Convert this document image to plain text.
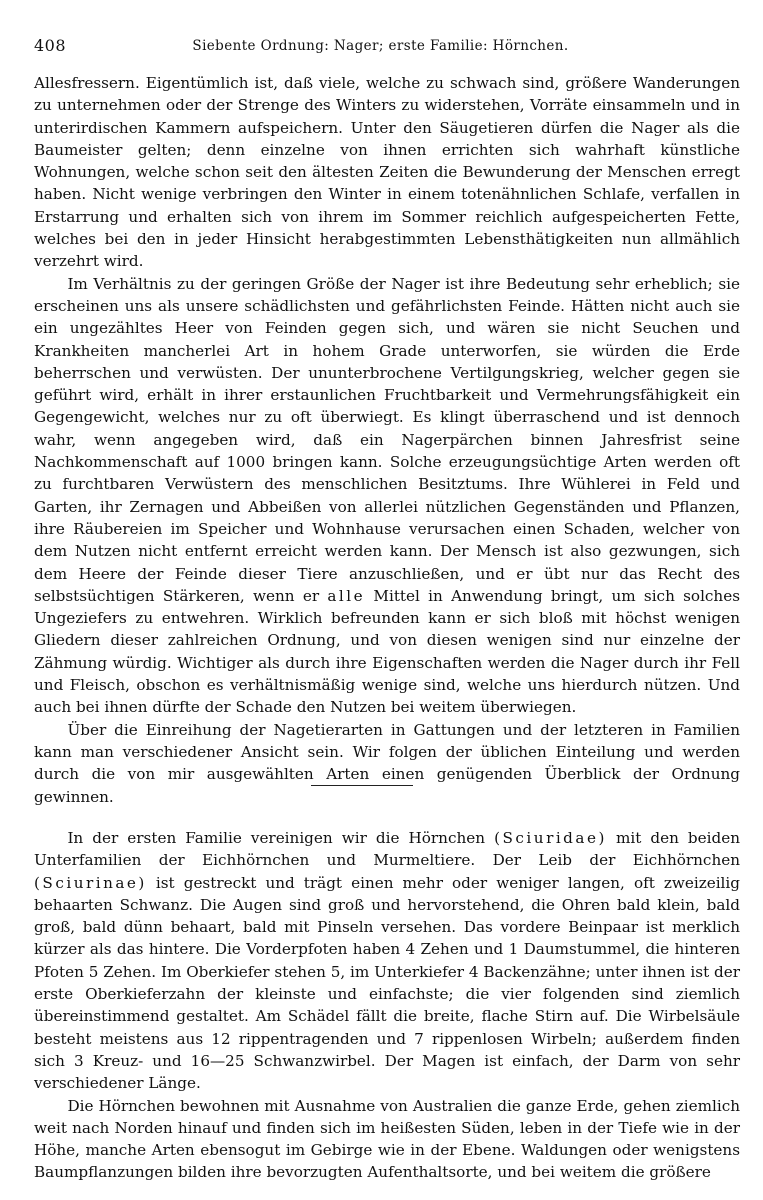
408	Siebente Ordnung: Nager; erste Familie: Hörnchen.

Allesfressern. Eigentümlich ist, daß viele, welche zu schwach sind, größere Wanderungen zu unternehmen oder der Strenge des Winters zu widerstehen, Vorräte einsammeln und in unterirdischen Kammern aufspeichern. Unter den Säugetieren dürfen die Nager als die Baumeister gelten; denn einzelne von ihnen errichten sich wahrhaft künstliche Wohnungen, welche schon seit den ältesten Zeiten die Bewunderung der Menschen erregt haben. Nicht wenige verbringen den Winter in einem totenähnlichen Schlafe, verfallen in Erstarrung und erhalten sich von ihrem im Sommer reichlich aufgespeicherten Fette, welches bei den in jeder Hinsicht herabgestimmten Lebensthätigkeiten nun allmählich verzehrt wird.

Im Verhältnis zu der geringen Größe der Nager ist ihre Bedeutung sehr erheblich; sie erscheinen uns als unsere schädlichsten und gefährlichsten Feinde. Hätten nicht auch sie ein ungezähltes Heer von Feinden gegen sich, und wären sie nicht Seuchen und Krankheiten mancherlei Art in hohem Grade unterworfen, sie würden die Erde beherrschen und verwüsten. Der ununterbrochene Vertilgungskrieg, welcher gegen sie geführt wird, erhält in ihrer erstaunlichen Fruchtbarkeit und Vermehrungsfähigkeit ein Gegengewicht, welches nur zu oft überwiegt. Es klingt überraschend und ist dennoch wahr, wenn angegeben wird, daß ein Nagerpärchen binnen Jahresfrist seine Nachkommenschaft auf 1000 bringen kann. Solche erzeugungsüchtige Arten werden oft zu furchtbaren Verwüstern des menschlichen Besitztums. Ihre Wühlerei in Feld und Garten, ihr Zernagen und Abbeißen von allerlei nützlichen Gegenständen und Pflanzen, ihre Räubereien im Speicher und Wohnhause verursachen einen Schaden, welcher von dem Nutzen nicht entfernt erreicht werden kann. Der Mensch ist also gezwungen, sich dem Heere der Feinde dieser Tiere anzuschließen, und er übt nur das Recht des selbstsüchtigen Stärkeren, wenn er alle Mittel in Anwendung bringt, um sich solches Ungeziefers zu entwehren. Wirklich befreunden kann er sich bloß mit höchst wenigen Gliedern dieser zahlreichen Ordnung, und von diesen wenigen sind nur einzelne der Zähmung würdig. Wichtiger als durch ihre Eigenschaften werden die Nager durch ihr Fell und Fleisch, obschon es verhältnismäßig wenige sind, welche uns hierdurch nützen. Und auch bei ihnen dürfte der Schade den Nutzen bei weitem überwiegen.

Über die Einreihung der Nagetierarten in Gattungen und der letzteren in Familien kann man verschiedener Ansicht sein. Wir folgen der üblichen Einteilung und werden durch die von mir ausgewählten Arten einen genügenden Überblick der Ordnung gewinnen.

In der ersten Familie vereinigen wir die Hörnchen (Sciuridae) mit den beiden Unterfamilien der Eichhörnchen und Murmeltiere. Der Leib der Eichhörnchen (Sciurinae) ist gestreckt und trägt einen mehr oder weniger langen, oft zweizeilig behaarten Schwanz. Die Augen sind groß und hervorstehend, die Ohren bald klein, bald groß, bald dünn behaart, bald mit Pinseln versehen. Das vordere Beinpaar ist merklich kürzer als das hintere. Die Vorderpfoten haben 4 Zehen und 1 Daumstummel, die hinteren Pfoten 5 Zehen. Im Oberkiefer stehen 5, im Unterkiefer 4 Backenzähne; unter ihnen ist der erste Oberkieferzahn der kleinste und einfachste; die vier folgenden sind ziemlich übereinstimmend gestaltet. Am Schädel fällt die breite, flache Stirn auf. Die Wirbelsäule besteht meistens aus 12 rippentragenden und 7 rippenlosen Wirbeln; außerdem finden sich 3 Kreuz- und 16—25 Schwanzwirbel. Der Magen ist einfach, der Darm von sehr verschiedener Länge.

Die Hörnchen bewohnen mit Ausnahme von Australien die ganze Erde, gehen ziemlich weit nach Norden hinauf und finden sich im heißesten Süden, leben in der Tiefe wie in der Höhe, manche Arten ebensogut im Gebirge wie in der Ebene. Waldungen oder wenigstens Baumpflanzungen bilden ihre bevorzugten Aufenthaltsorte, und bei weitem die größere
